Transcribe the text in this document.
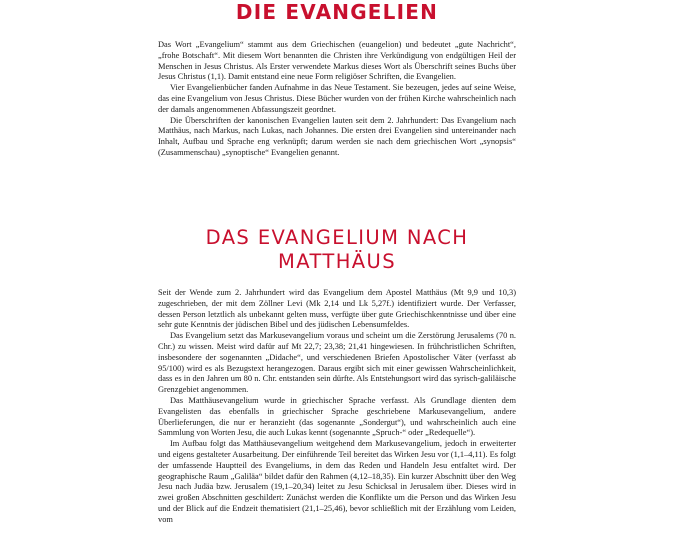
DIE EVANGELIEN

Das Wort „Evangelium“ stammt aus dem Griechischen (euangelion) und bedeutet „gute Nachricht“, „frohe Botschaft“. Mit diesem Wort benannten die Christen ihre Verkündigung von endgültigen Heil der Menschen in Jesus Christus. Als Erster verwendete Markus dieses Wort als Überschrift seines Buchs über Jesus Christus (1,1). Damit entstand eine neue Form religiöser Schriften, die Evangelien.

Vier Evangelienbücher fanden Aufnahme in das Neue Testament. Sie bezeugen, jedes auf seine Weise, das eine Evangelium von Jesus Christus. Diese Bücher wurden von der frühen Kirche wahrscheinlich nach der damals angenommenen Abfassungszeit geordnet.

Die Überschriften der kanonischen Evangelien lauten seit dem 2. Jahrhundert: Das Evangelium nach Matthäus, nach Markus, nach Lukas, nach Johannes. Die ersten drei Evangelien sind untereinander nach Inhalt, Aufbau und Sprache eng verknüpft; darum werden sie nach dem griechischen Wort „synopsis“ (Zusammenschau) „synoptische“ Evangelien genannt.

DAS EVANGELIUM NACH
MATTHÄUS

Seit der Wende zum 2. Jahrhundert wird das Evangelium dem Apostel Matthäus (Mt 9,9 und 10,3) zugeschrieben, der mit dem Zöllner Levi (Mk 2,14 und Lk 5,27f.) identifiziert wurde. Der Verfasser, dessen Person letztlich als unbekannt gelten muss, verfügte über gute Griechischkenntnisse und über eine sehr gute Kenntnis der jüdischen Bibel und des jüdischen Lebensumfeldes.

Das Evangelium setzt das Markusevangelium voraus und scheint um die Zerstörung Jerusalems (70 n. Chr.) zu wissen. Meist wird dafür auf Mt 22,7; 23,38; 21,41 hingewiesen. In frühchristlichen Schriften, insbesondere der sogenannten „Didache“, und verschiedenen Briefen Apostolischer Väter (verfasst ab 95/100) wird es als Bezugstext herangezogen. Daraus ergibt sich mit einer gewissen Wahrscheinlichkeit, dass es in den Jahren um 80 n. Chr. entstanden sein dürfte. Als Entstehungsort wird das syrisch-galiläische Grenzgebiet angenommen.

Das Matthäusevangelium wurde in griechischer Sprache verfasst. Als Grundlage dienten dem Evangelisten das ebenfalls in griechischer Sprache geschriebene Markusevangelium, andere Überlieferungen, die nur er heranzieht (das sogenannte „Sondergut“), und wahrscheinlich auch eine Sammlung von Worten Jesu, die auch Lukas kennt (sogenannte „Spruch-“ oder „Redequelle“).

Im Aufbau folgt das Matthäusevangelium weitgehend dem Markusevangelium, jedoch in erweiterter und eigens gestalteter Ausarbeitung. Der einführende Teil bereitet das Wirken Jesu vor (1,1–4,11). Es folgt der umfassende Hauptteil des Evangeliums, in dem das Reden und Handeln Jesu entfaltet wird. Der geographische Raum „Galiläa“ bildet dafür den Rahmen (4,12–18,35). Ein kurzer Abschnitt über den Weg Jesu nach Judäa bzw. Jerusalem (19,1–20,34) leitet zu Jesu Schicksal in Jerusalem über. Dieses wird in zwei großen Abschnitten geschildert: Zunächst werden die Konflikte um die Person und das Wirken Jesu und der Blick auf die Endzeit thematisiert (21,1–25,46), bevor schließlich mit der Erzählung vom Leiden, vom
